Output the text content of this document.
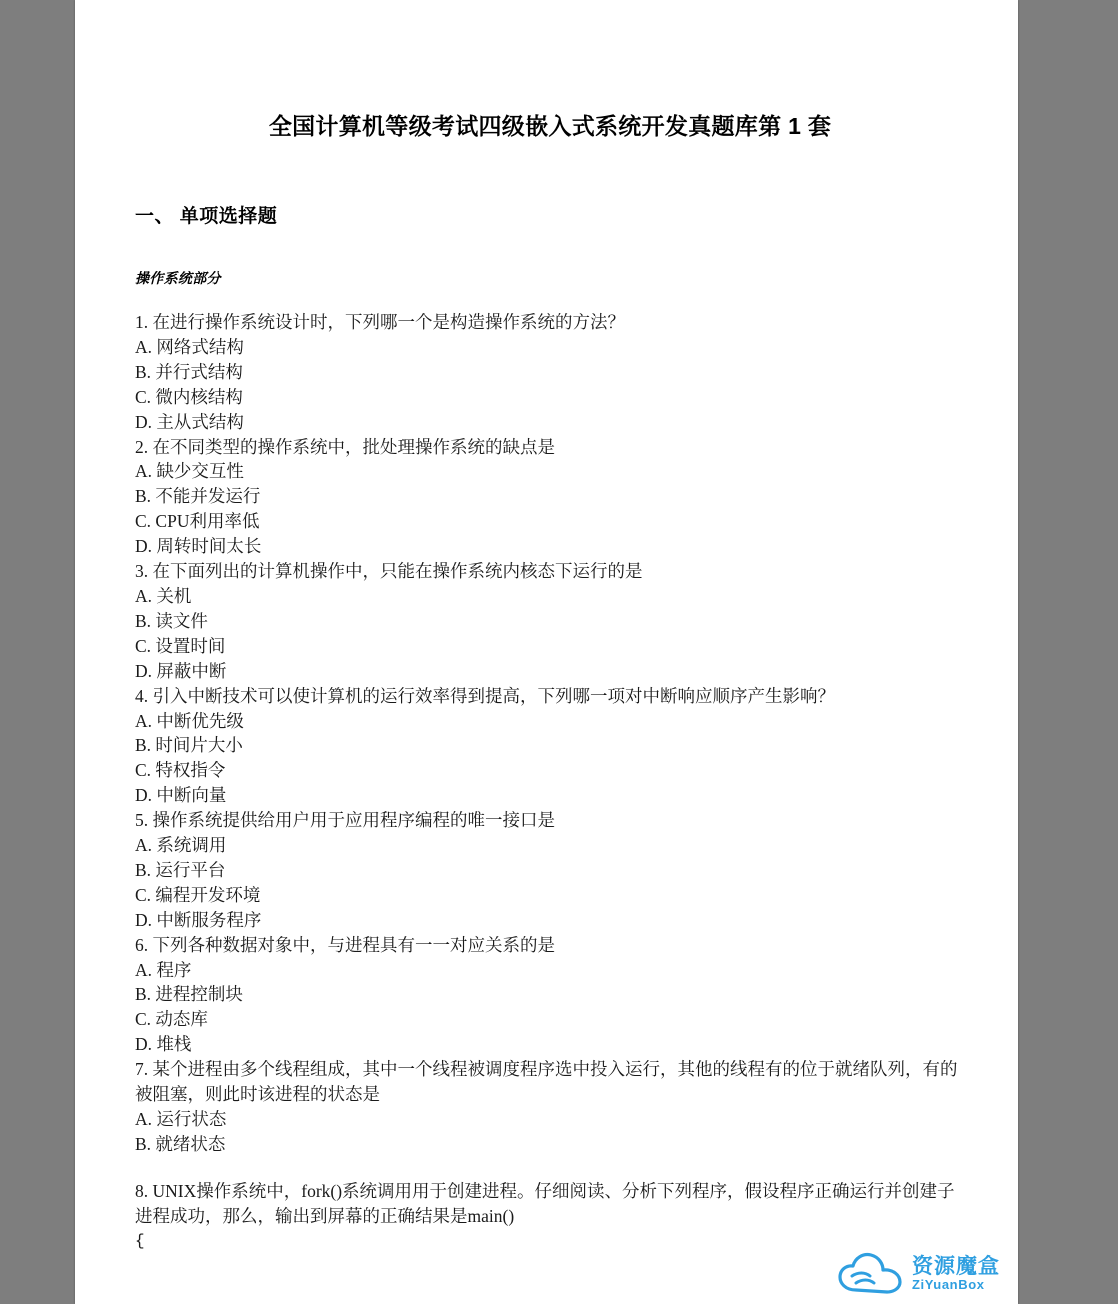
全国计算机等级考试四级嵌入式系统开发真题库第 1 套
一、 单项选择题
操作系统部分
1. 在进行操作系统设计时，下列哪一个是构造操作系统的方法？
A. 网络式结构
B. 并行式结构
C. 微内核结构
D. 主从式结构
2. 在不同类型的操作系统中，批处理操作系统的缺点是
A. 缺少交互性
B. 不能并发运行
C. CPU利用率低
D. 周转时间太长
3. 在下面列出的计算机操作中，只能在操作系统内核态下运行的是
A. 关机
B. 读文件
C. 设置时间
D. 屏蔽中断
4. 引入中断技术可以使计算机的运行效率得到提高，下列哪一项对中断响应顺序产生影响？
A. 中断优先级
B. 时间片大小
C. 特权指令
D. 中断向量
5. 操作系统提供给用户用于应用程序编程的唯一接口是
A. 系统调用
B. 运行平台
C. 编程开发环境
D. 中断服务程序
6. 下列各种数据对象中，与进程具有一一对应关系的是
A. 程序
B. 进程控制块
C. 动态库
D. 堆栈
7. 某个进程由多个线程组成，其中一个线程被调度程序选中投入运行，其他的线程有的位于就绪队列，有的被阻塞，则此时该进程的状态是
A. 运行状态
B. 就绪状态
8. UNIX操作系统中，fork()系统调用用于创建进程。仔细阅读、分析下列程序，假设程序正确运行并创建子进程成功，那么，输出到屏幕的正确结果是main()
{
资源魔盒
ZiYuanBox
